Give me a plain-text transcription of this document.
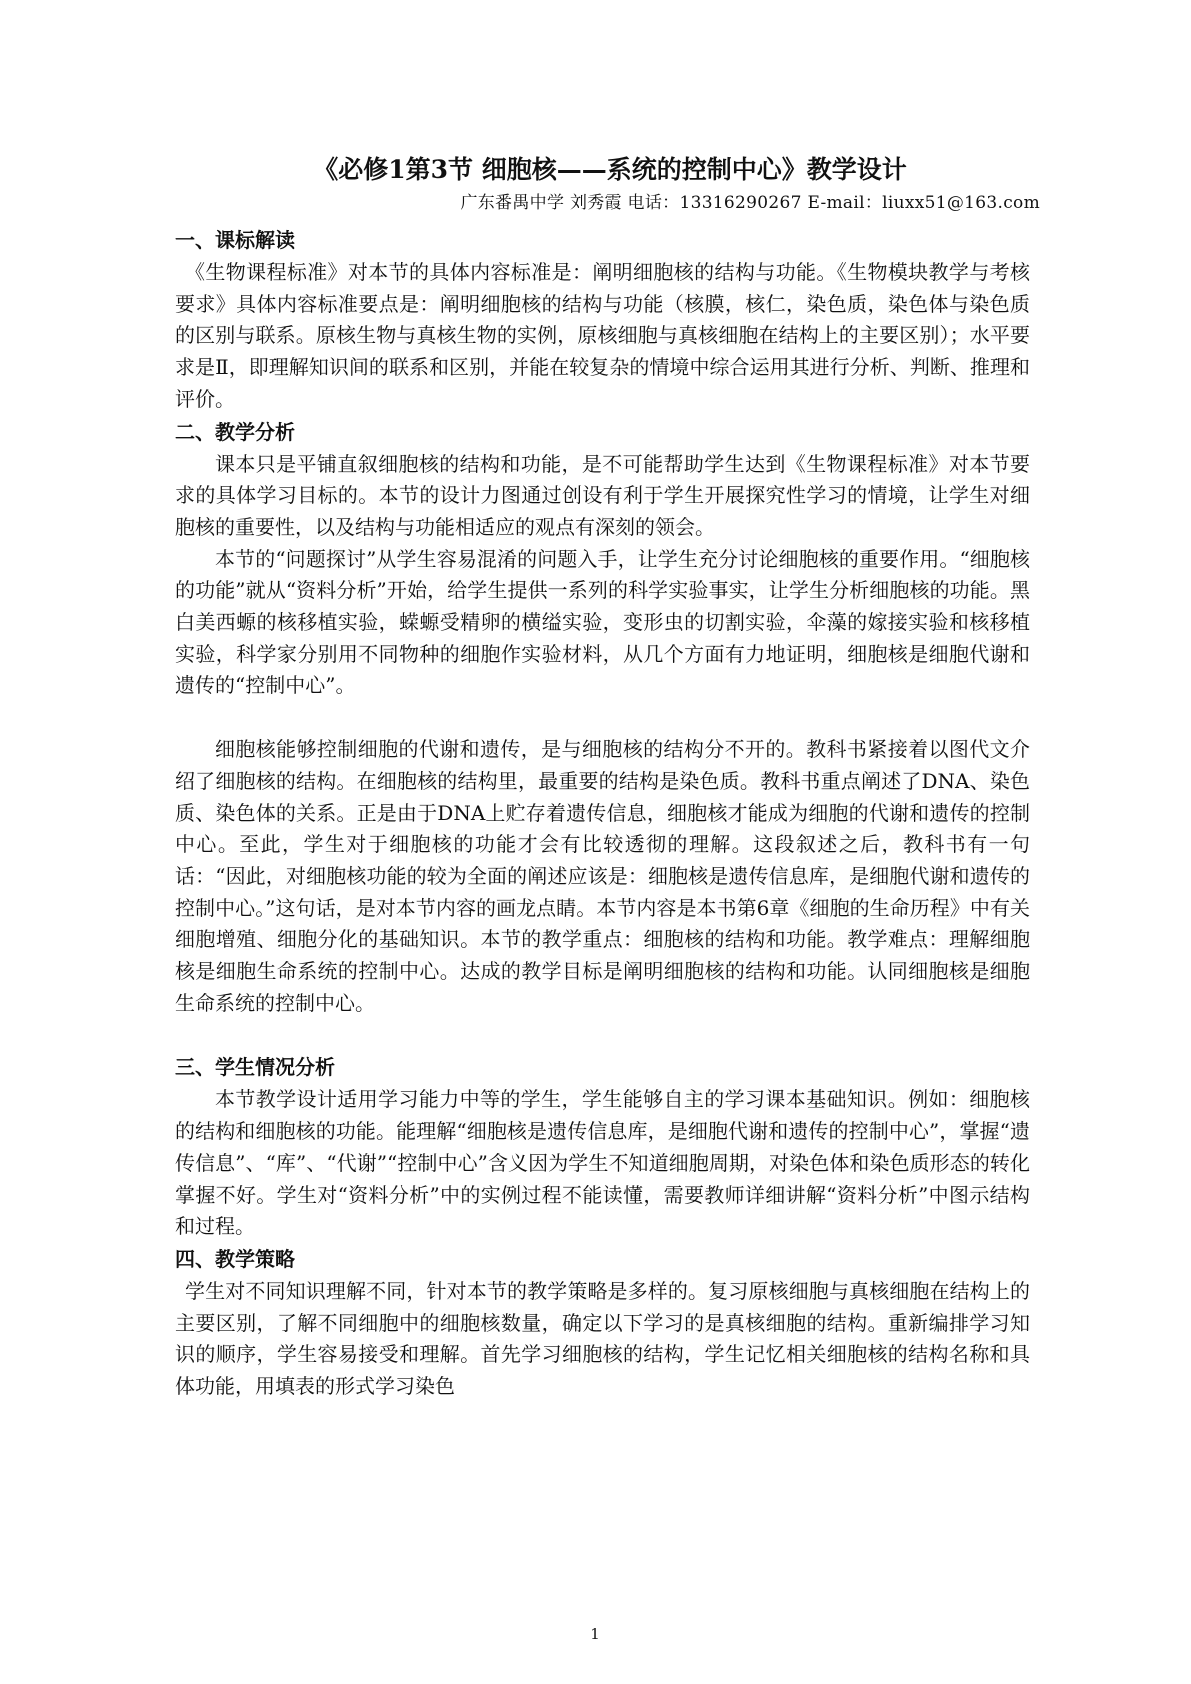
《必修1第3节 细胞核——系统的控制中心》教学设计
广东番禺中学 刘秀霞 电话：13316290267 E-mail：liuxx51@163.com
一、课标解读

《生物课程标准》对本节的具体内容标准是：阐明细胞核的结构与功能。《生物模块教学与考核要求》具体内容标准要点是：阐明细胞核的结构与功能（核膜，核仁，染色质，染色体与染色质的区别与联系。原核生物与真核生物的实例，原核细胞与真核细胞在结构上的主要区别）；水平要求是Ⅱ，即理解知识间的联系和区别，并能在较复杂的情境中综合运用其进行分析、判断、推理和评价。

二、教学分析

课本只是平铺直叙细胞核的结构和功能，是不可能帮助学生达到《生物课程标准》对本节要求的具体学习目标的。本节的设计力图通过创设有利于学生开展探究性学习的情境，让学生对细胞核的重要性，以及结构与功能相适应的观点有深刻的领会。

本节的“问题探讨”从学生容易混淆的问题入手，让学生充分讨论细胞核的重要作用。“细胞核的功能”就从“资料分析”开始，给学生提供一系列的科学实验事实，让学生分析细胞核的功能。黑白美西螈的核移植实验，蝾螈受精卵的横缢实验，变形虫的切割实验，伞藻的嫁接实验和核移植实验，科学家分别用不同物种的细胞作实验材料，从几个方面有力地证明，细胞核是细胞代谢和遗传的“控制中心”。

细胞核能够控制细胞的代谢和遗传，是与细胞核的结构分不开的。教科书紧接着以图代文介绍了细胞核的结构。在细胞核的结构里，最重要的结构是染色质。教科书重点阐述了DNA、染色质、染色体的关系。正是由于DNA上贮存着遗传信息，细胞核才能成为细胞的代谢和遗传的控制中心。至此，学生对于细胞核的功能才会有比较透彻的理解。这段叙述之后，教科书有一句话：“因此，对细胞核功能的较为全面的阐述应该是：细胞核是遗传信息库，是细胞代谢和遗传的控制中心。”这句话，是对本节内容的画龙点睛。本节内容是本书第6章《细胞的生命历程》中有关细胞增殖、细胞分化的基础知识。本节的教学重点：细胞核的结构和功能。教学难点：理解细胞核是细胞生命系统的控制中心。达成的教学目标是阐明细胞核的结构和功能。认同细胞核是细胞生命系统的控制中心。

三、学生情况分析

本节教学设计适用学习能力中等的学生，学生能够自主的学习课本基础知识。例如：细胞核的结构和细胞核的功能。能理解“细胞核是遗传信息库，是细胞代谢和遗传的控制中心”，掌握“遗传信息”、“库”、“代谢”“控制中心”含义因为学生不知道细胞周期，对染色体和染色质形态的转化掌握不好。学生对“资料分析”中的实例过程不能读懂，需要教师详细讲解“资料分析”中图示结构和过程。

四、教学策略

学生对不同知识理解不同，针对本节的教学策略是多样的。复习原核细胞与真核细胞在结构上的主要区别，了解不同细胞中的细胞核数量，确定以下学习的是真核细胞的结构。重新编排学习知识的顺序，学生容易接受和理解。首先学习细胞核的结构，学生记忆相关细胞核的结构名称和具体功能，用填表的形式学习染色

1
